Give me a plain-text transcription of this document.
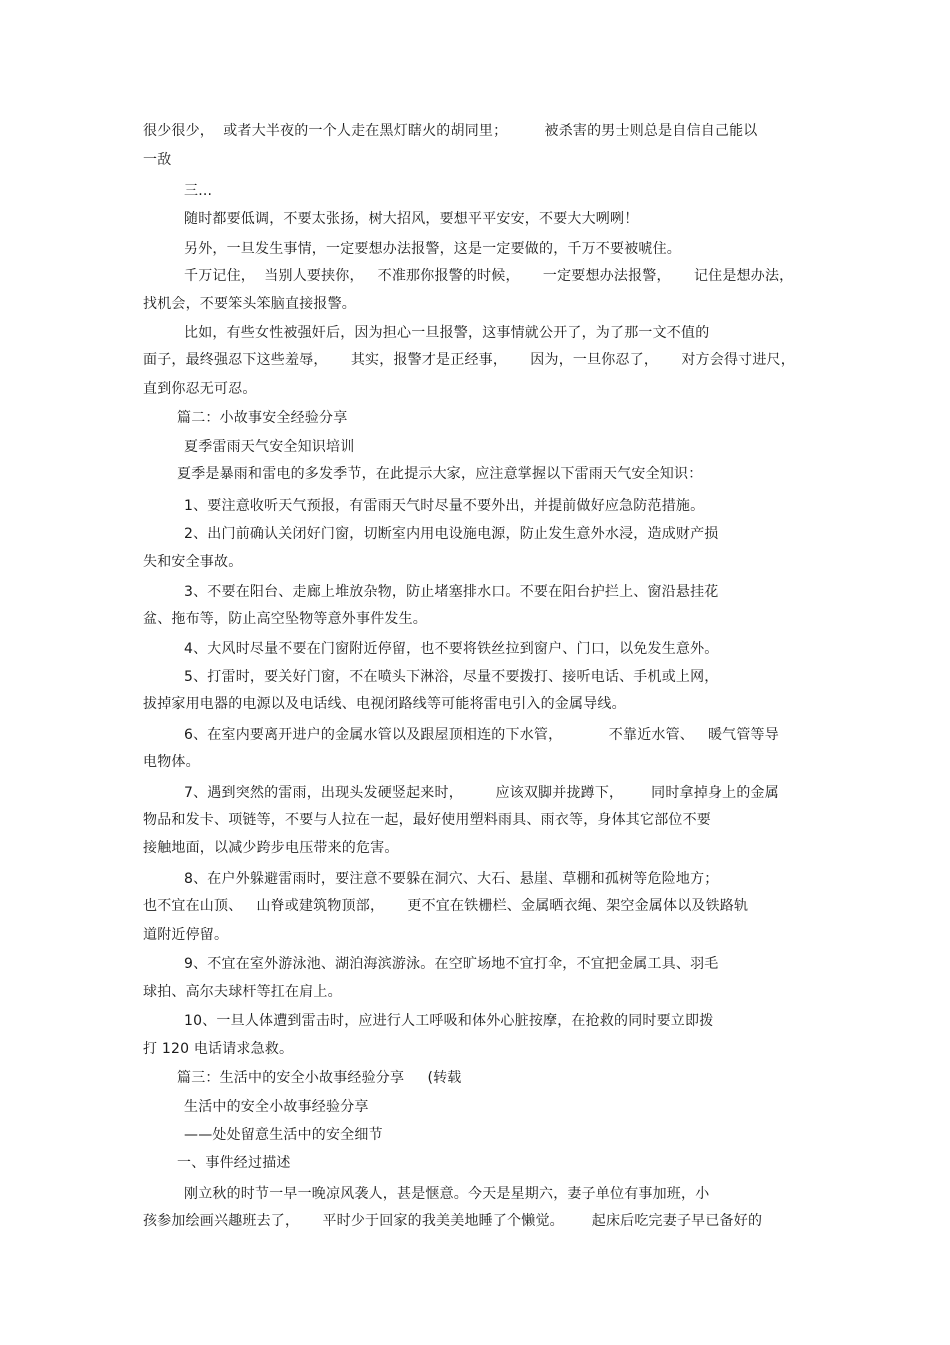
很少很少，  或者大半夜的一个人走在黑灯瞎火的胡同里；        被杀害的男士则总是自信自己能以
一敌
三...
随时都要低调，不要太张扬，树大招风，要想平平安安，不要大大咧咧！
另外，一旦发生事情，一定要想办法报警，这是一定要做的，千万不要被唬住。
千万记住，  当别人要挟你，   不准那你报警的时候，     一定要想办法报警，     记住是想办法，
找机会，不要笨头笨脑直接报警。
比如，有些女性被强奸后，因为担心一旦报警，这事情就公开了，为了那一文不值的
面子，最终强忍下这些羞辱，     其实，报警才是正经事，     因为，一旦你忍了，     对方会得寸进尺，
直到你忍无可忍。
篇二：小故事安全经验分享
夏季雷雨天气安全知识培训
夏季是暴雨和雷电的多发季节，在此提示大家，应注意掌握以下雷雨天气安全知识：
1、要注意收听天气预报，有雷雨天气时尽量不要外出，并提前做好应急防范措施。
2、出门前确认关闭好门窗，切断室内用电设施电源，防止发生意外水浸，造成财产损
失和安全事故。
3、不要在阳台、走廊上堆放杂物，防止堵塞排水口。不要在阳台护拦上、窗沿悬挂花
盆、拖布等，防止高空坠物等意外事件发生。
4、大风时尽量不要在门窗附近停留，也不要将铁丝拉到窗户、门口，以免发生意外。
5、打雷时，要关好门窗，不在喷头下淋浴，尽量不要拨打、接听电话、手机或上网，
拔掉家用电器的电源以及电话线、电视闭路线等可能将雷电引入的金属导线。
6、在室内要离开进户的金属水管以及跟屋顶相连的下水管，          不靠近水管、   暖气管等导
电物体。
7、遇到突然的雷雨，出现头发硬竖起来时，       应该双脚并拢蹲下，      同时拿掉身上的金属
物品和发卡、项链等，不要与人拉在一起，最好使用塑料雨具、雨衣等，身体其它部位不要
接触地面，以减少跨步电压带来的危害。
8、在户外躲避雷雨时，要注意不要躲在洞穴、大石、悬崖、草棚和孤树等危险地方；
也不宜在山顶、   山脊或建筑物顶部，     更不宜在铁栅栏、金属晒衣绳、架空金属体以及铁路轨
道附近停留。
9、不宜在室外游泳池、湖泊海滨游泳。在空旷场地不宜打伞，不宜把金属工具、羽毛
球拍、高尔夫球杆等扛在肩上。
10、一旦人体遭到雷击时，应进行人工呼吸和体外心脏按摩，在抢救的同时要立即拨
打 120 电话请求急救。
篇三：生活中的安全小故事经验分享     (转载
生活中的安全小故事经验分享
——处处留意生活中的安全细节
一、事件经过描述
刚立秋的时节一早一晚凉风袭人，甚是惬意。今天是星期六，妻子单位有事加班，小
孩参加绘画兴趣班去了，     平时少于回家的我美美地睡了个懒觉。      起床后吃完妻子早已备好的
